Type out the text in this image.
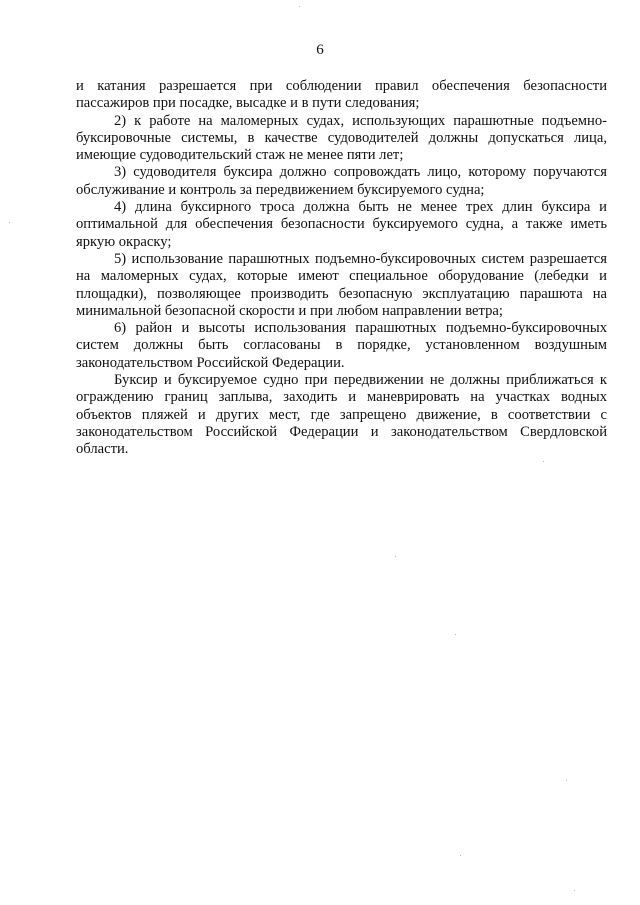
6

и катания разрешается при соблюдении правил обеспечения безопасности пассажиров при посадке, высадке и в пути следования;

2) к работе на маломерных судах, использующих парашютные подъемно-буксировочные системы, в качестве судоводителей должны допускаться лица, имеющие судоводительский стаж не менее пяти лет;

3) судоводителя буксира должно сопровождать лицо, которому поручаются обслуживание и контроль за передвижением буксируемого судна;

4) длина буксирного троса должна быть не менее трех длин буксира и оптимальной для обеспечения безопасности буксируемого судна, а также иметь яркую окраску;

5) использование парашютных подъемно-буксировочных систем разрешается на маломерных судах, которые имеют специальное оборудование (лебедки и площадки), позволяющее производить безопасную эксплуатацию парашюта на минимальной безопасной скорости и при любом направлении ветра;

6) район и высоты использования парашютных подъемно-буксировочных систем должны быть согласованы в порядке, установленном воздушным законодательством Российской Федерации.

Буксир и буксируемое судно при передвижении не должны приближаться к ограждению границ заплыва, заходить и маневрировать на участках водных объектов пляжей и других мест, где запрещено движение, в соответствии с законодательством Российской Федерации и законодательством Свердловской области.
